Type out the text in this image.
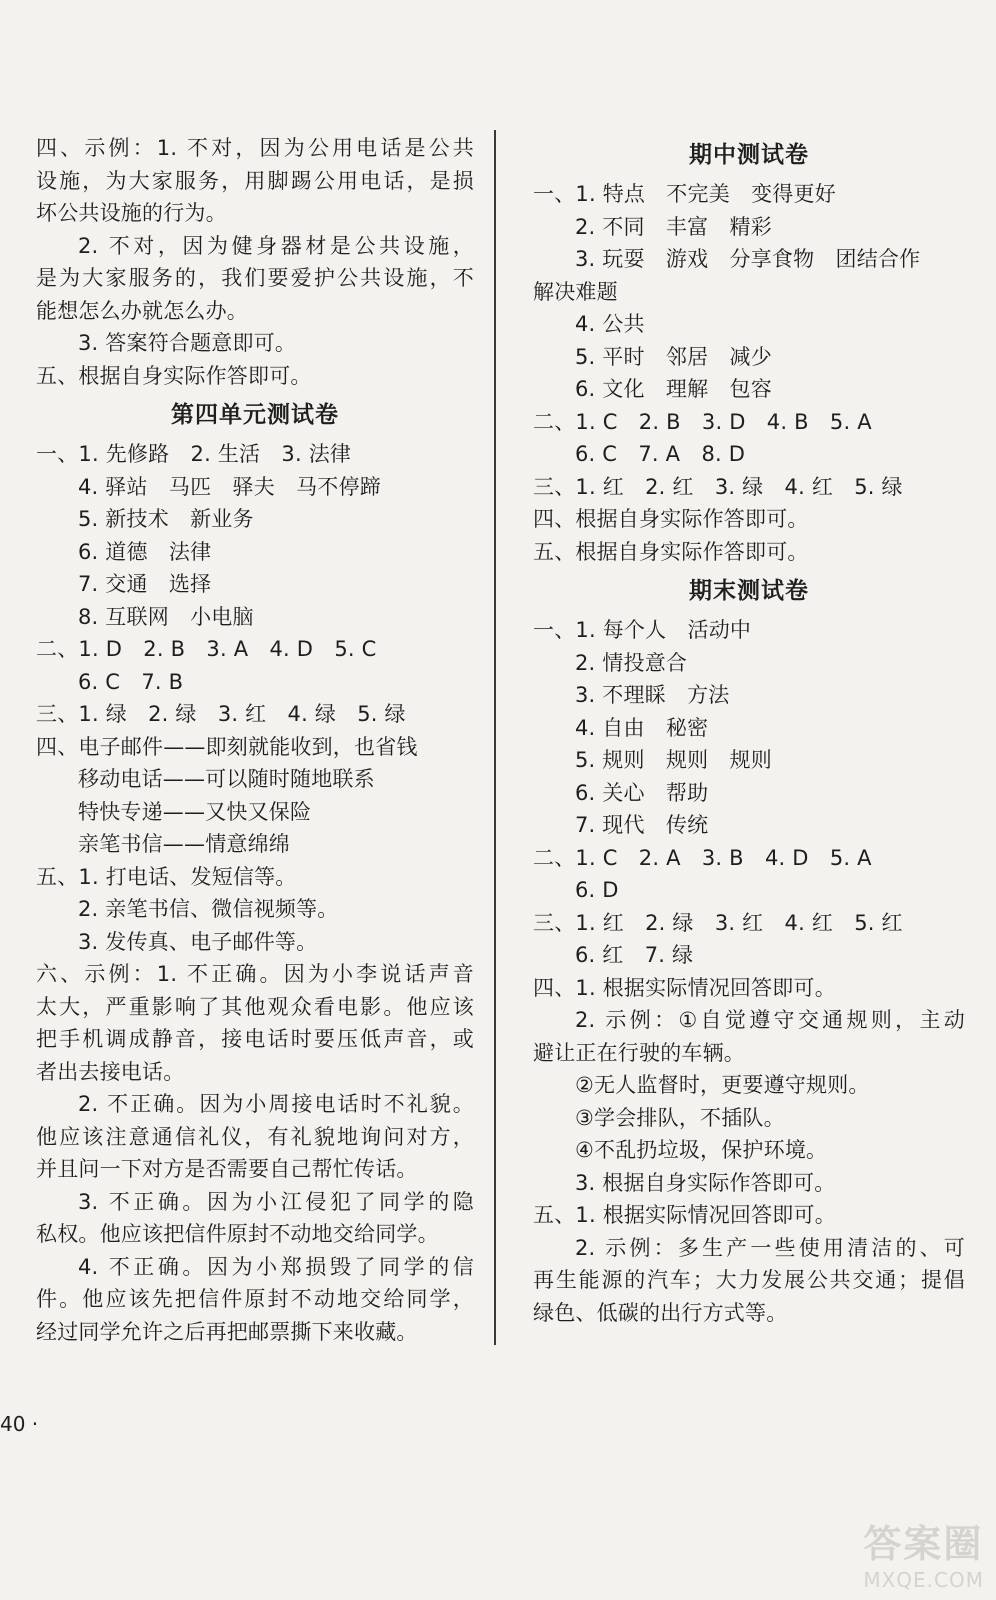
四、示例：1. 不对，因为公用电话是公共
设施，为大家服务，用脚踢公用电话，是损
坏公共设施的行为。
2. 不对，因为健身器材是公共设施，
是为大家服务的，我们要爱护公共设施，不
能想怎么办就怎么办。
3. 答案符合题意即可。
五、根据自身实际作答即可。
第四单元测试卷
一、1. 先修路　2. 生活　3. 法律
4. 驿站　马匹　驿夫　马不停蹄
5. 新技术　新业务
6. 道德　法律
7. 交通　选择
8. 互联网　小电脑
二、1. D　2. B　3. A　4. D　5. C
6. C　7. B
三、1. 绿　2. 绿　3. 红　4. 绿　5. 绿
四、电子邮件——即刻就能收到，也省钱
移动电话——可以随时随地联系
特快专递——又快又保险
亲笔书信——情意绵绵
五、1. 打电话、发短信等。
2. 亲笔书信、微信视频等。
3. 发传真、电子邮件等。
六、示例：1. 不正确。因为小李说话声音
太大，严重影响了其他观众看电影。他应该
把手机调成静音，接电话时要压低声音，或
者出去接电话。
2. 不正确。因为小周接电话时不礼貌。
他应该注意通信礼仪，有礼貌地询问对方，
并且问一下对方是否需要自己帮忙传话。
3. 不正确。因为小江侵犯了同学的隐
私权。他应该把信件原封不动地交给同学。
4. 不正确。因为小郑损毁了同学的信
件。他应该先把信件原封不动地交给同学，
经过同学允许之后再把邮票撕下来收藏。
期中测试卷
一、1. 特点　不完美　变得更好
2. 不同　丰富　精彩
3. 玩耍　游戏　分享食物　团结合作
解决难题
4. 公共
5. 平时　邻居　减少
6. 文化　理解　包容
二、1. C　2. B　3. D　4. B　5. A
6. C　7. A　8. D
三、1. 红　2. 红　3. 绿　4. 红　5. 绿
四、根据自身实际作答即可。
五、根据自身实际作答即可。
期末测试卷
一、1. 每个人　活动中
2. 情投意合
3. 不理睬　方法
4. 自由　秘密
5. 规则　规则　规则
6. 关心　帮助
7. 现代　传统
二、1. C　2. A　3. B　4. D　5. A
6. D
三、1. 红　2. 绿　3. 红　4. 红　5. 红
6. 红　7. 绿
四、1. 根据实际情况回答即可。
2. 示例：①自觉遵守交通规则，主动
避让正在行驶的车辆。
②无人监督时，更要遵守规则。
③学会排队，不插队。
④不乱扔垃圾，保护环境。
3. 根据自身实际作答即可。
五、1. 根据实际情况回答即可。
2. 示例：多生产一些使用清洁的、可
再生能源的汽车；大力发展公共交通；提倡
绿色、低碳的出行方式等。
40 ·
答案圈
MXQE.COM
